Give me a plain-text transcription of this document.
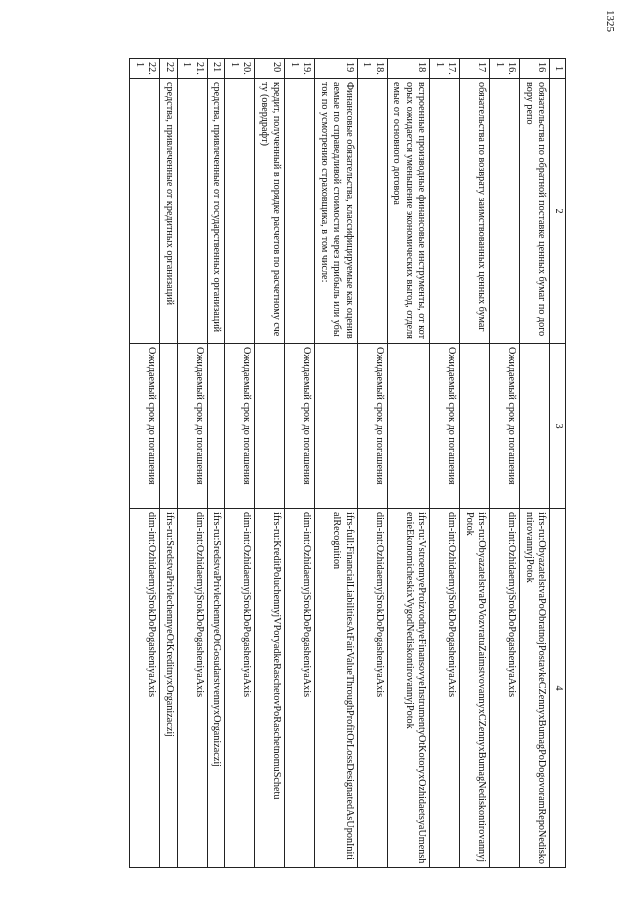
1325
1	2	3	4
16	обязательства по обратной поставке ценных бумаг по договору репо		ifrs-ru:ObyazatelstvaPoObratnojPostavkeCZennyxBumagPoDogovoramRepoNediskontirovannyjPotok
16.1		Ожидаемый срок до погашения	dim-int:OzhidaemyjSrokDoPogasheniyaAxis
17	обязательства по возврату заимствованных ценных бумаг		ifrs-ru:ObyazatelstvaPoVozvratuZaimstvovannyxCZennyxBumagNediskontirovannyjPotok
17.1		Ожидаемый срок до погашения	dim-int:OzhidaemyjSrokDoPogasheniyaAxis
18	встроенные производные финансовые инструменты, от которых ожидается уменьшение экономических выгод, отделяемые от основного договора		ifrs-ru:VstroennyeProizvodnyeFinansovyeInstrumentyOtKotoryxOzhidaetsyaUmenshenieEkonomicheskixVygodNediskontirovannyjPotok
18.1		Ожидаемый срок до погашения	dim-int:OzhidaemyjSrokDoPogasheniyaAxis
19	Финансовые обязательства, классифицируемые как оцениваемые по справедливой стоимости через прибыль или убыток по усмотрению страховщика, в том числе:		ifrs-full:FinancialLiabilitiesAtFairValueThroughProfitOrLossDesignatedAsUponInitialRecognition
19.1		Ожидаемый срок до погашения	dim-int:OzhidaemyjSrokDoPogasheniyaAxis
20	кредит, полученный в порядке расчетов по расчетному счету (овердрафт)		ifrs-ru:KreditPoluchennyjVPoryadkeRaschetovPoRaschetnomuSchetu
20.1		Ожидаемый срок до погашения	dim-int:OzhidaemyjSrokDoPogasheniyaAxis
21	средства, привлеченные от государственных организаций		ifrs-ru:SredstvaPrivlechennyeOtGosudarstvennyxOrganizaczij
21.1		Ожидаемый срок до погашения	dim-int:OzhidaemyjSrokDoPogasheniyaAxis
22	средства, привлеченные от кредитных организаций		ifrs-ru:SredstvaPrivlechennyeOtKreditnyxOrganizaczij
22.1		Ожидаемый срок до погашения	dim-int:OzhidaemyjSrokDoPogasheniyaAxis
